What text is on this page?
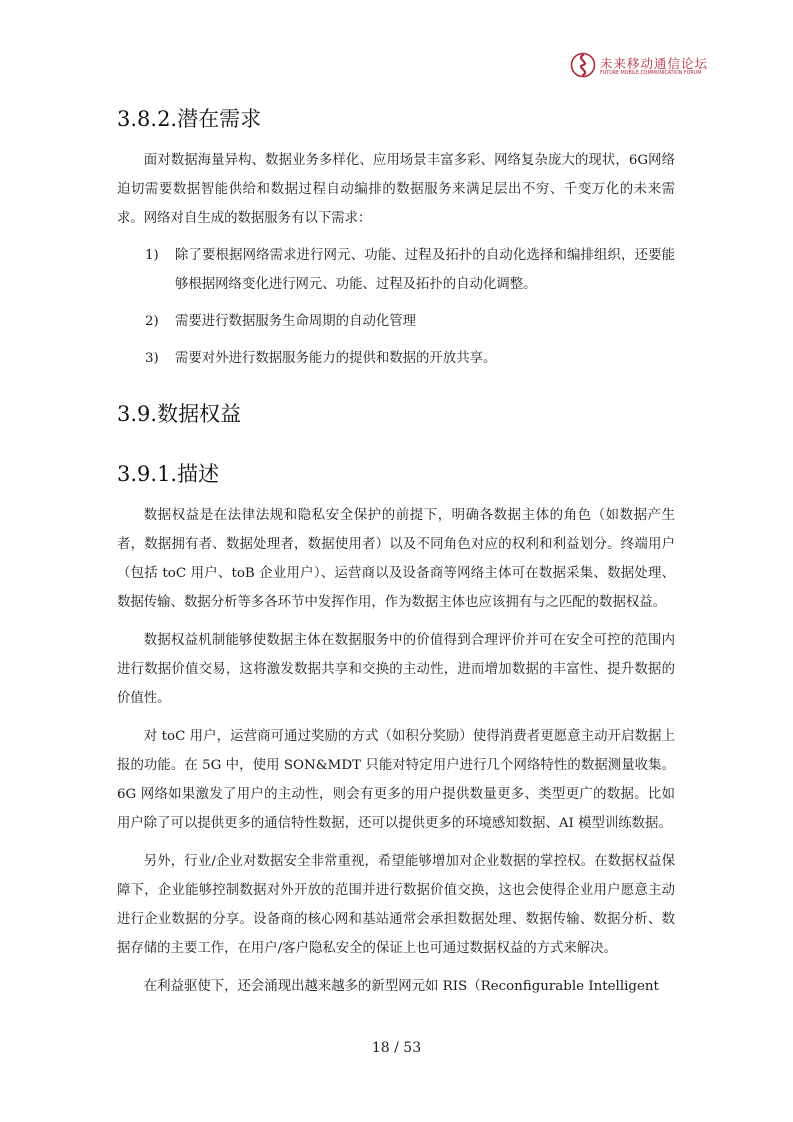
未来移动通信论坛
FUTURE MOBILE COMMUNICATION FORUM
3.8.2.潜在需求

面对数据海量异构、数据业务多样化、应用场景丰富多彩、网络复杂庞大的现状，6G网络迫切需要数据智能供给和数据过程自动编排的数据服务来满足层出不穷、千变万化的未来需求。网络对自生成的数据服务有以下需求：

1) 除了要根据网络需求进行网元、功能、过程及拓扑的自动化选择和编排组织，还要能够根据网络变化进行网元、功能、过程及拓扑的自动化调整。
2) 需要进行数据服务生命周期的自动化管理
3) 需要对外进行数据服务能力的提供和数据的开放共享。
3.9.数据权益
3.9.1.描述

数据权益是在法律法规和隐私安全保护的前提下，明确各数据主体的角色（如数据产生者，数据拥有者、数据处理者，数据使用者）以及不同角色对应的权利和利益划分。终端用户（包括 toC 用户、toB 企业用户）、运营商以及设备商等网络主体可在数据采集、数据处理、数据传输、数据分析等多各环节中发挥作用，作为数据主体也应该拥有与之匹配的数据权益。

数据权益机制能够使数据主体在数据服务中的价值得到合理评价并可在安全可控的范围内进行数据价值交易，这将激发数据共享和交换的主动性，进而增加数据的丰富性、提升数据的价值性。

对 toC 用户，运营商可通过奖励的方式（如积分奖励）使得消费者更愿意主动开启数据上报的功能。在 5G 中，使用 SON&MDT 只能对特定用户进行几个网络特性的数据测量收集。6G 网络如果激发了用户的主动性，则会有更多的用户提供数量更多、类型更广的数据。比如用户除了可以提供更多的通信特性数据，还可以提供更多的环境感知数据、AI 模型训练数据。

另外，行业/企业对数据安全非常重视，希望能够增加对企业数据的掌控权。在数据权益保障下，企业能够控制数据对外开放的范围并进行数据价值交换，这也会使得企业用户愿意主动进行企业数据的分享。设备商的核心网和基站通常会承担数据处理、数据传输、数据分析、数据存储的主要工作，在用户/客户隐私安全的保证上也可通过数据权益的方式来解决。

在利益驱使下，还会涌现出越来越多的新型网元如 RIS（Reconfigurable Intelligent

18 / 53
